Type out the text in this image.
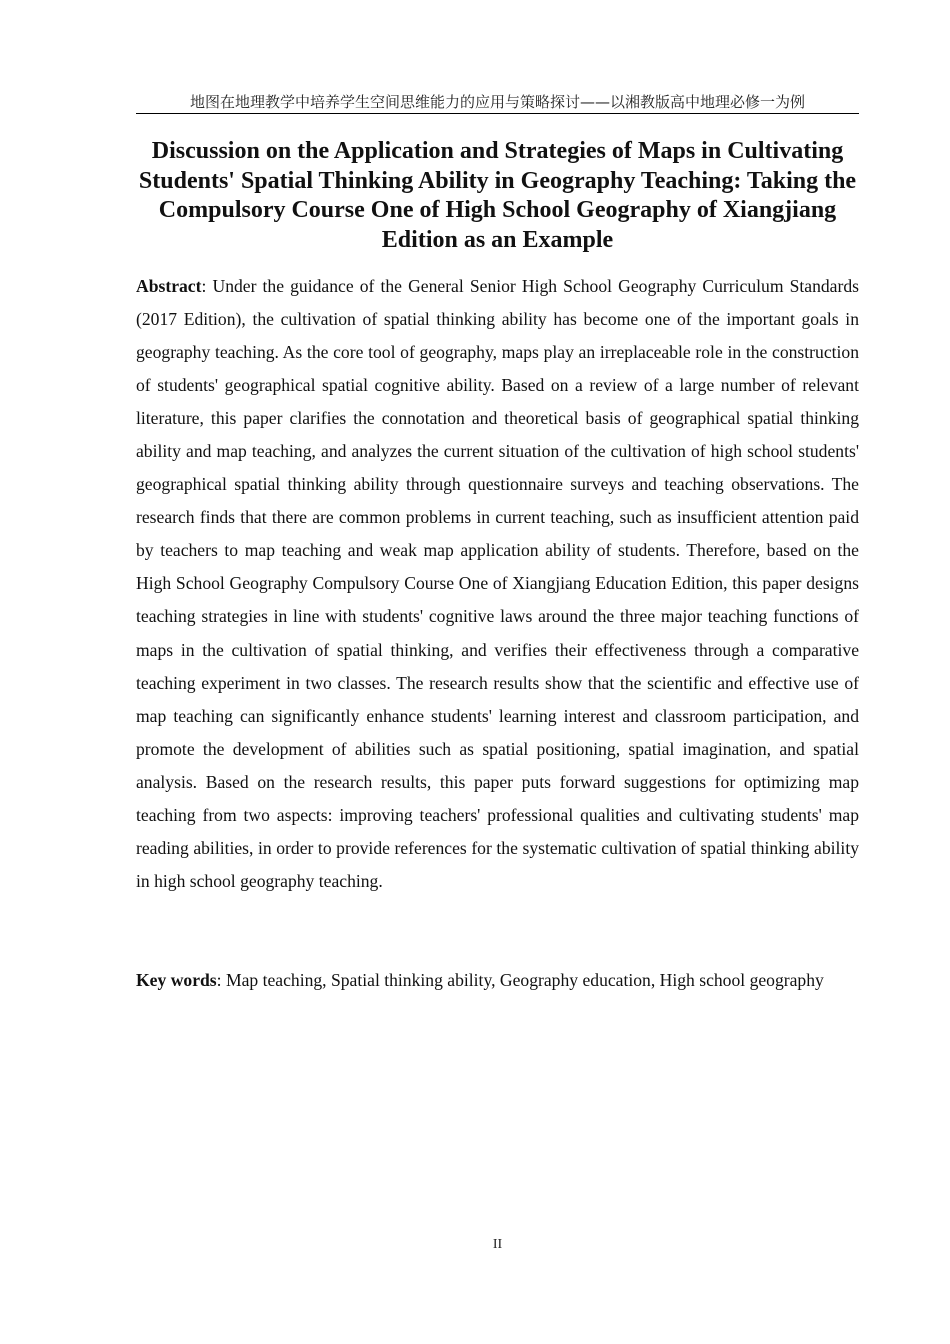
地图在地理教学中培养学生空间思维能力的应用与策略探讨——以湘教版高中地理必修一为例
Discussion on the Application and Strategies of Maps in Cultivating Students' Spatial Thinking Ability in Geography Teaching: Taking the Compulsory Course One of High School Geography of Xiangjiang Edition as an Example

Abstract: Under the guidance of the General Senior High School Geography Curriculum Standards (2017 Edition), the cultivation of spatial thinking ability has become one of the important goals in geography teaching. As the core tool of geography, maps play an irreplaceable role in the construction of students' geographical spatial cognitive ability. Based on a review of a large number of relevant literature, this paper clarifies the connotation and theoretical basis of geographical spatial thinking ability and map teaching, and analyzes the current situation of the cultivation of high school students' geographical spatial thinking ability through questionnaire surveys and teaching observations. The research finds that there are common problems in current teaching, such as insufficient attention paid by teachers to map teaching and weak map application ability of students. Therefore, based on the High School Geography Compulsory Course One of Xiangjiang Education Edition, this paper designs teaching strategies in line with students' cognitive laws around the three major teaching functions of maps in the cultivation of spatial thinking, and verifies their effectiveness through a comparative teaching experiment in two classes. The research results show that the scientific and effective use of map teaching can significantly enhance students' learning interest and classroom participation, and promote the development of abilities such as spatial positioning, spatial imagination, and spatial analysis. Based on the research results, this paper puts forward suggestions for optimizing map teaching from two aspects: improving teachers' professional qualities and cultivating students' map reading abilities, in order to provide references for the systematic cultivation of spatial thinking ability in high school geography teaching.

Key words: Map teaching, Spatial thinking ability, Geography education, High school geography

II
